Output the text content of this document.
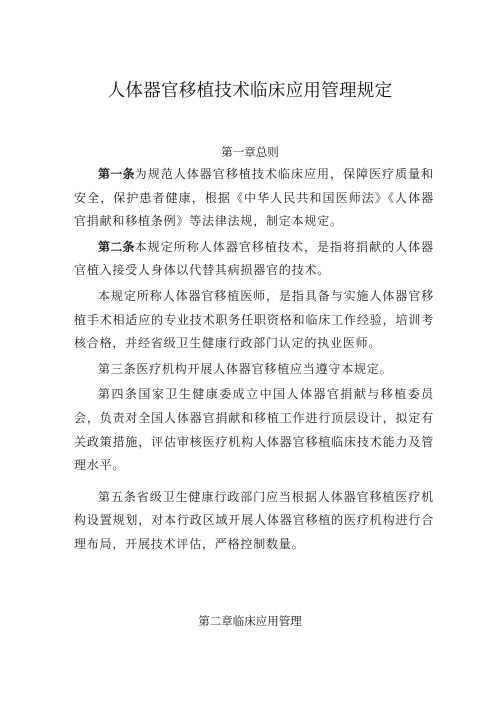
人体器官移植技术临床应用管理规定
第一章总则

第一条为规范人体器官移植技术临床应用，保障医疗质量和安全，保护患者健康，根据《中华人民共和国医师法》《人体器官捐献和移植条例》等法律法规，制定本规定。

第二条本规定所称人体器官移植技术，是指将捐献的人体器官植入接受人身体以代替其病损器官的技术。

本规定所称人体器官移植医师，是指具备与实施人体器官移植手术相适应的专业技术职务任职资格和临床工作经验，培训考核合格，并经省级卫生健康行政部门认定的执业医师。

第三条医疗机构开展人体器官移植应当遵守本规定。

第四条国家卫生健康委成立中国人体器官捐献与移植委员会，负责对全国人体器官捐献和移植工作进行顶层设计，拟定有关政策措施，评估审核医疗机构人体器官移植临床技术能力及管理水平。

第五条省级卫生健康行政部门应当根据人体器官移植医疗机构设置规划，对本行政区域开展人体器官移植的医疗机构进行合理布局，开展技术评估，严格控制数量。

第二章临床应用管理
